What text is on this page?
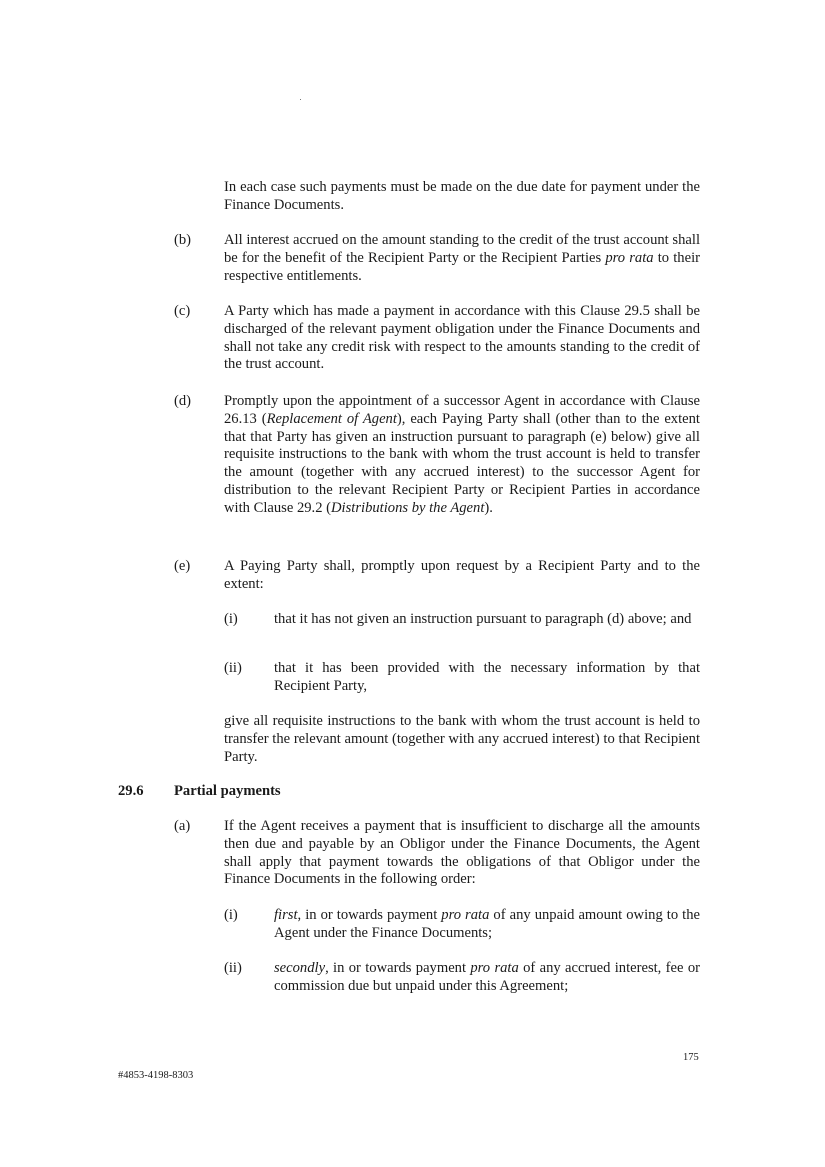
In each case such payments must be made on the due date for payment under the Finance Documents.

(b) All interest accrued on the amount standing to the credit of the trust account shall be for the benefit of the Recipient Party or the Recipient Parties pro rata to their respective entitlements.

(c) A Party which has made a payment in accordance with this Clause 29.5 shall be discharged of the relevant payment obligation under the Finance Documents and shall not take any credit risk with respect to the amounts standing to the credit of the trust account.

(d) Promptly upon the appointment of a successor Agent in accordance with Clause 26.13 (Replacement of Agent), each Paying Party shall (other than to the extent that that Party has given an instruction pursuant to paragraph (e) below) give all requisite instructions to the bank with whom the trust account is held to transfer the amount (together with any accrued interest) to the successor Agent for distribution to the relevant Recipient Party or Recipient Parties in accordance with Clause 29.2 (Distributions by the Agent).

(e) A Paying Party shall, promptly upon request by a Recipient Party and to the extent:

(i) that it has not given an instruction pursuant to paragraph (d) above; and

(ii) that it has been provided with the necessary information by that Recipient Party,

give all requisite instructions to the bank with whom the trust account is held to transfer the relevant amount (together with any accrued interest) to that Recipient Party.

29.6 Partial payments
(a) If the Agent receives a payment that is insufficient to discharge all the amounts then due and payable by an Obligor under the Finance Documents, the Agent shall apply that payment towards the obligations of that Obligor under the Finance Documents in the following order:

(i) first, in or towards payment pro rata of any unpaid amount owing to the Agent under the Finance Documents;

(ii) secondly, in or towards payment pro rata of any accrued interest, fee or commission due but unpaid under this Agreement;

175
#4853-4198-8303
